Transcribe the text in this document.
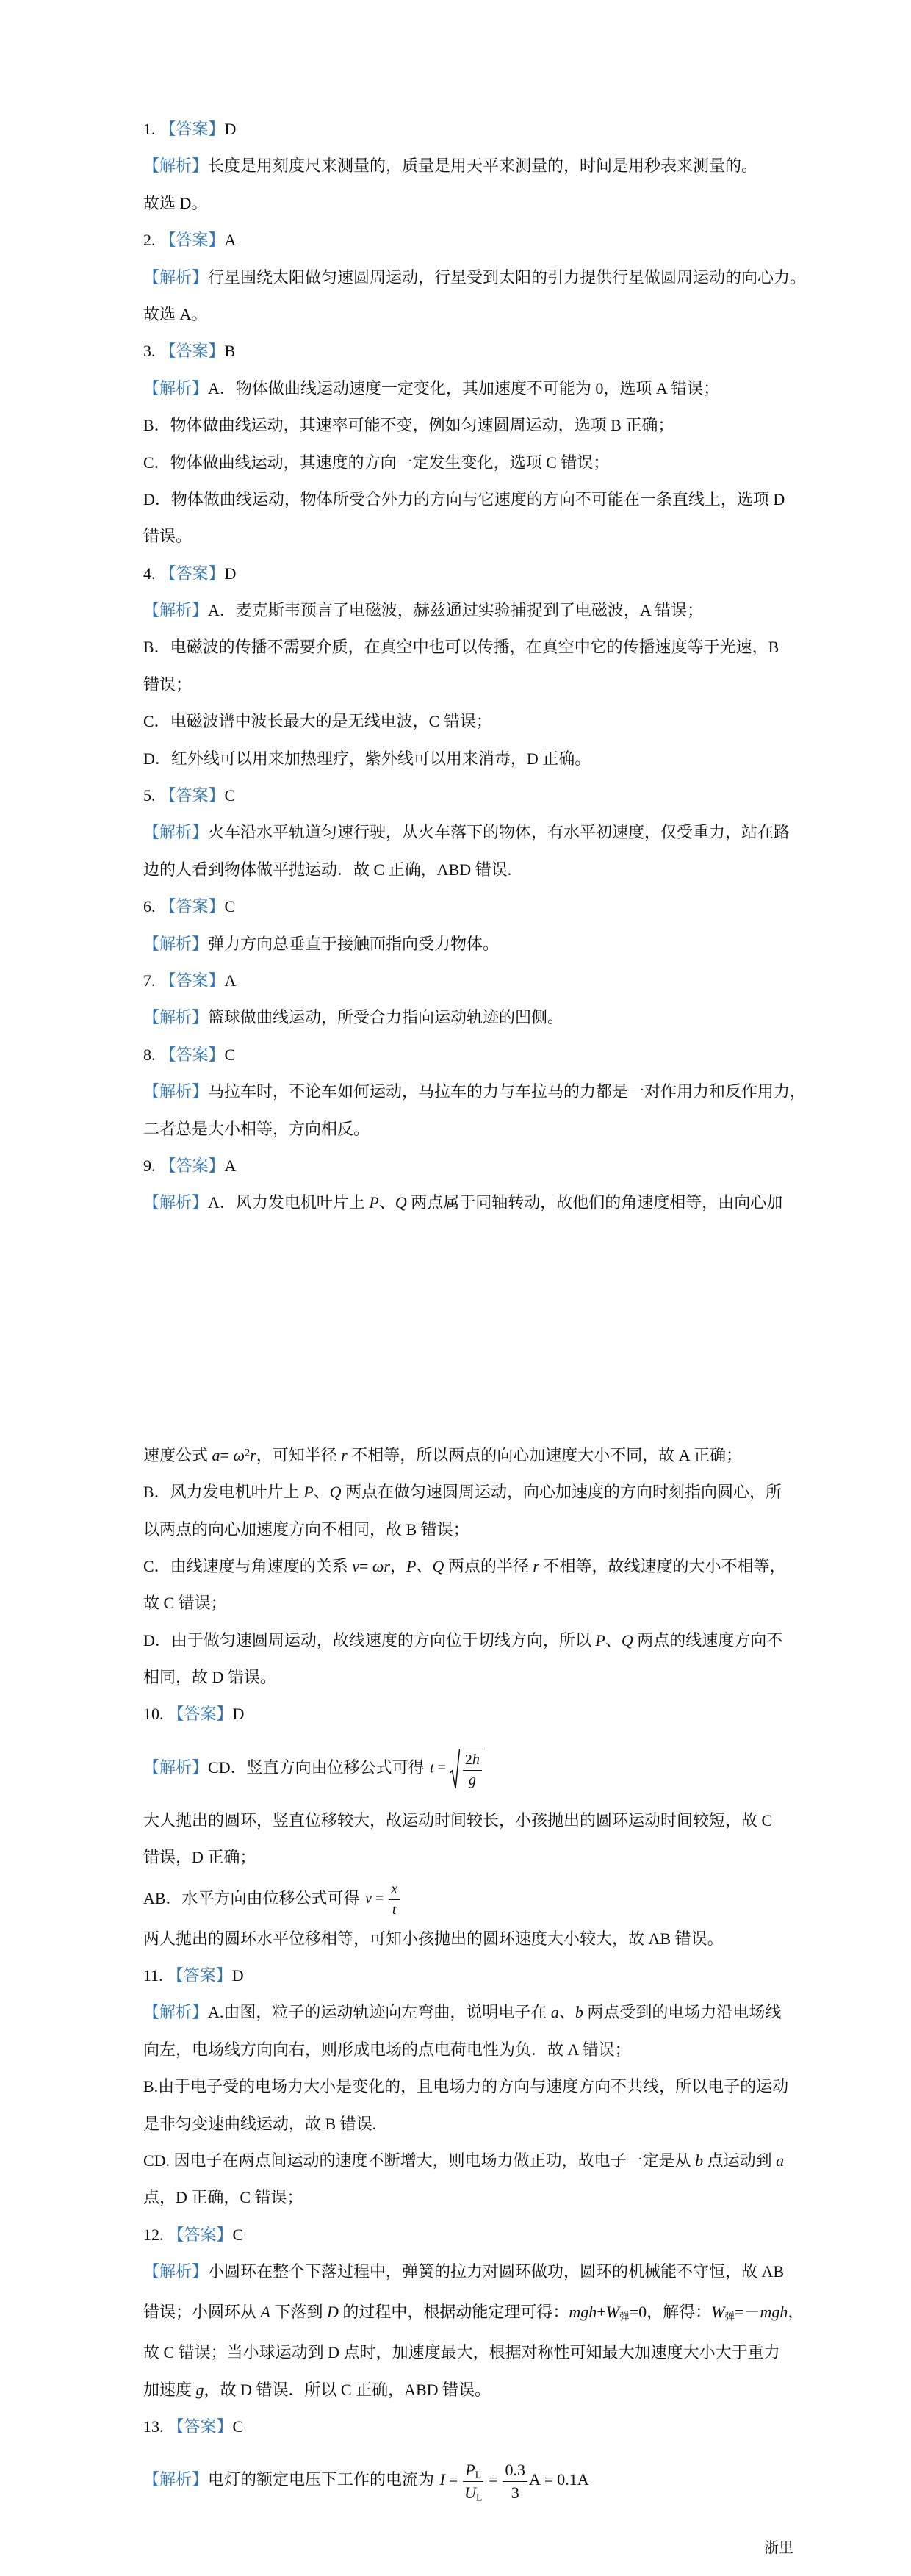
1. 【答案】D
【解析】长度是用刻度尺来测量的，质量是用天平来测量的，时间是用秒表来测量的。
故选 D。
2. 【答案】A
【解析】行星围绕太阳做匀速圆周运动，行星受到太阳的引力提供行星做圆周运动的向心力。
故选 A。
3. 【答案】B
【解析】A．物体做曲线运动速度一定变化，其加速度不可能为 0，选项 A 错误；
B．物体做曲线运动，其速率可能不变，例如匀速圆周运动，选项 B 正确；
C．物体做曲线运动，其速度的方向一定发生变化，选项 C 错误；
D．物体做曲线运动，物体所受合外力的方向与它速度的方向不可能在一条直线上，选项 D
错误。
4. 【答案】D
【解析】A．麦克斯韦预言了电磁波，赫兹通过实验捕捉到了电磁波，A 错误；
B．电磁波的传播不需要介质，在真空中也可以传播，在真空中它的传播速度等于光速，B
错误；
C．电磁波谱中波长最大的是无线电波，C 错误；
D．红外线可以用来加热理疗，紫外线可以用来消毒，D 正确。
5. 【答案】C
【解析】火车沿水平轨道匀速行驶，从火车落下的物体，有水平初速度，仅受重力，站在路
边的人看到物体做平抛运动．故 C 正确，ABD 错误.
6. 【答案】C
【解析】弹力方向总垂直于接触面指向受力物体。
7. 【答案】A
【解析】篮球做曲线运动，所受合力指向运动轨迹的凹侧。
8. 【答案】C
【解析】马拉车时，不论车如何运动，马拉车的力与车拉马的力都是一对作用力和反作用力，
二者总是大小相等，方向相反。
9. 【答案】A
【解析】A．风力发电机叶片上 P、Q 两点属于同轴转动，故他们的角速度相等，由向心加
速度公式 $a= \omega^2r$，可知半径 r 不相等，所以两点的向心加速度大小不同，故 A 正确；
B．风力发电机叶片上 P、Q 两点在做匀速圆周运动，向心加速度的方向时刻指向圆心，所
以两点的向心加速度方向不相同，故 B 错误；
C．由线速度与角速度的关系 v= ωr，P、Q 两点的半径 r 不相等，故线速度的大小不相等，
故 C 错误；
D．由于做匀速圆周运动，故线速度的方向位于切线方向，所以 P、Q 两点的线速度方向不
相同，故 D 错误。
10. 【答案】D
【解析】CD．竖直方向由位移公式可得 $t = \frac{2h}{g}$
大人抛出的圆环，竖直位移较大，故运动时间较长，小孩抛出的圆环运动时间较短，故 C
错误，D 正确；
AB．水平方向由位移公式可得 $v = \frac{x}{t}$
两人抛出的圆环水平位移相等，可知小孩抛出的圆环速度大小较大，故 AB 错误。
11. 【答案】D
【解析】A.由图，粒子的运动轨迹向左弯曲，说明电子在 a、b 两点受到的电场力沿电场线
向左，电场线方向向右，则形成电场的点电荷电性为负．故 A 错误；
B.由于电子受的电场力大小是变化的，且电场力的方向与速度方向不共线，所以电子的运动
是非匀变速曲线运动，故 B 错误.
CD. 因电子在两点间运动的速度不断增大，则电场力做正功，故电子一定是从 b 点运动到 a
点，D 正确，C 错误；
12. 【答案】C
【解析】小圆环在整个下落过程中，弹簧的拉力对圆环做功，圆环的机械能不守恒，故 AB
错误；小圆环从 A 下落到 D 的过程中，根据动能定理可得：$mgh+W_弹=0$，解得：$W_弹=-mgh$，
故 C 错误；当小球运动到 D 点时，加速度最大，根据对称性可知最大加速度大小大于重力
加速度 g，故 D 错误．所以 C 正确，ABD 错误。
13. 【答案】C
【解析】电灯的额定电压下工作的电流为 $I = \frac{P_L}{U_L} = \frac{0.3}{3}$ A = 0.1A
浙里
